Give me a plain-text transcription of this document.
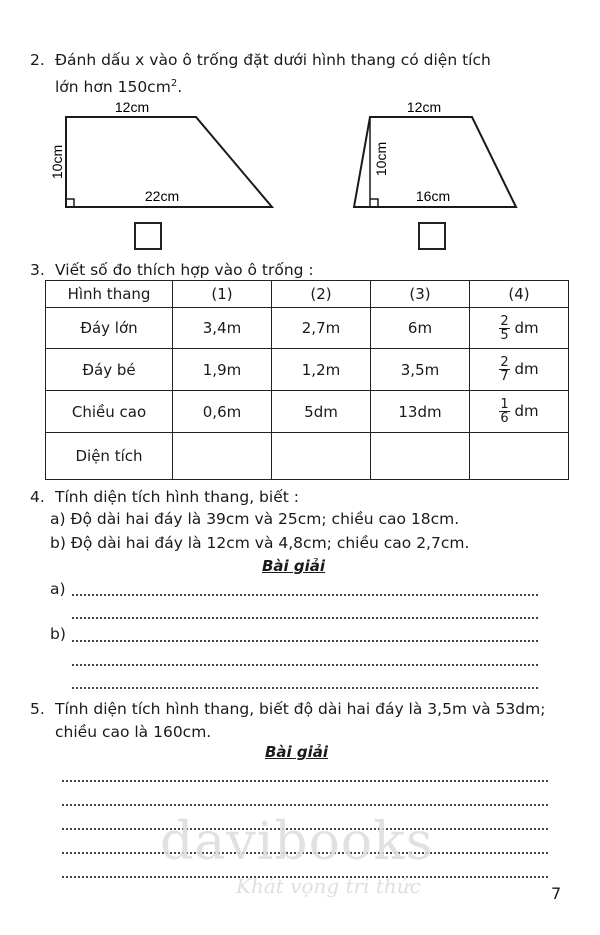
2. Đánh dấu x vào ô trống đặt dưới hình thang có diện tích
lớn hơn $150cm^2$.
12cm
10cm
22cm
12cm
10cm
16cm
3. Viết số đo thích hợp vào ô trống :
Hình thang	(1)	(2)	(3)	(4)
Đáy lớn	3,4m	2,7m	6m	$\frac{2}{5}$ dm
Đáy bé	1,9m	1,2m	3,5m	$\frac{2}{7}$ dm
Chiều cao	0,6m	5dm	13dm	$\frac{1}{6}$ dm
Diện tích				
4. Tính diện tích hình thang, biết :
a) Độ dài hai đáy là 39cm và 25cm; chiều cao 18cm.
b) Độ dài hai đáy là 12cm và 4,8cm; chiều cao 2,7cm.
Bài giải
a)
b)
5. Tính diện tích hình thang, biết độ dài hai đáy là 3,5m và 53dm;
chiều cao là 160cm.
Bài giải
davibooks
Khát vọng tri thức	7
